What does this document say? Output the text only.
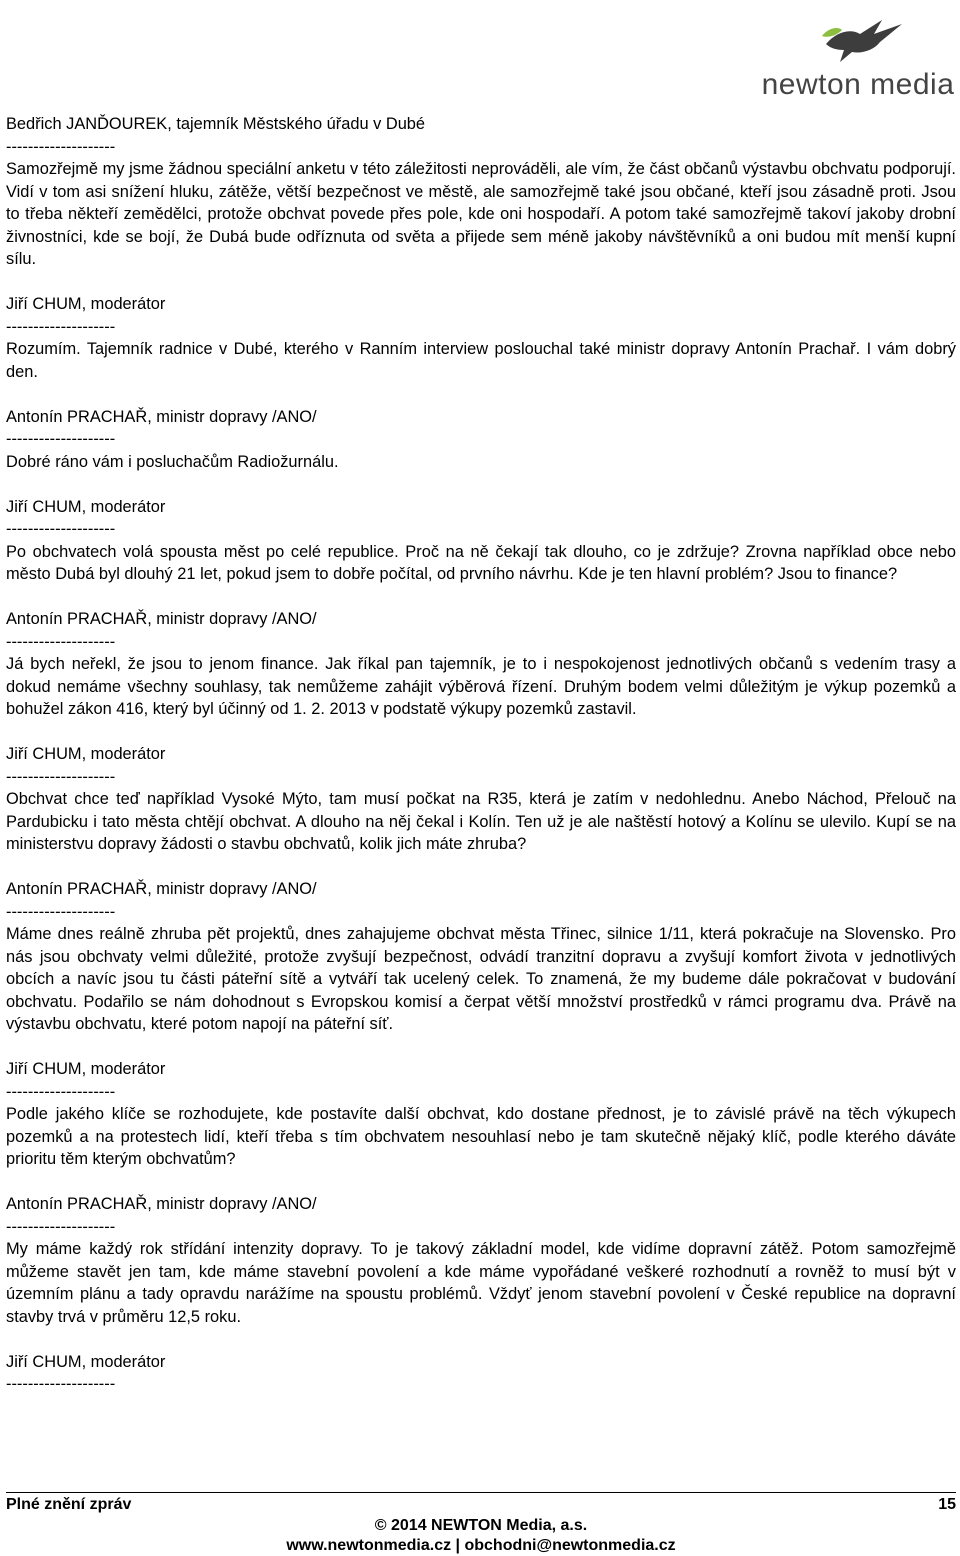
newton media
Bedřich JANĎOUREK, tajemník Městského úřadu v Dubé
--------------------
Samozřejmě my jsme žádnou speciální anketu v této záležitosti neprováděli, ale vím, že část občanů výstavbu obchvatu podporují. Vidí v tom asi snížení hluku, zátěže, větší bezpečnost ve městě, ale samozřejmě také jsou občané, kteří jsou zásadně proti. Jsou to třeba někteří zemědělci, protože obchvat povede přes pole, kde oni hospodaří. A potom také samozřejmě takoví jakoby drobní živnostníci, kde se bojí, že Dubá bude odříznuta od světa a přijede sem méně jakoby návštěvníků a oni budou mít menší kupní sílu.
Jiří CHUM, moderátor
--------------------
Rozumím. Tajemník radnice v Dubé, kterého v Ranním interview poslouchal také ministr dopravy Antonín Prachař. I vám dobrý den.
Antonín PRACHAŘ, ministr dopravy /ANO/
--------------------
Dobré ráno vám i posluchačům Radiožurnálu.
Jiří CHUM, moderátor
--------------------
Po obchvatech volá spousta měst po celé republice. Proč na ně čekají tak dlouho, co je zdržuje? Zrovna například obce nebo město Dubá byl dlouhý 21 let, pokud jsem to dobře počítal, od prvního návrhu. Kde je ten hlavní problém? Jsou to finance?
Antonín PRACHAŘ, ministr dopravy /ANO/
--------------------
Já bych neřekl, že jsou to jenom finance. Jak říkal pan tajemník, je to i nespokojenost jednotlivých občanů s vedením trasy a dokud nemáme všechny souhlasy, tak nemůžeme zahájit výběrová řízení. Druhým bodem velmi důležitým je výkup pozemků a bohužel zákon 416, který byl účinný od 1. 2. 2013 v podstatě výkupy pozemků zastavil.
Jiří CHUM, moderátor
--------------------
Obchvat chce teď například Vysoké Mýto, tam musí počkat na R35, která je zatím v nedohlednu. Anebo Náchod, Přelouč na Pardubicku i tato města chtějí obchvat. A dlouho na něj čekal i Kolín. Ten už je ale naštěstí hotový a Kolínu se ulevilo. Kupí se na ministerstvu dopravy žádosti o stavbu obchvatů, kolik jich máte zhruba?
Antonín PRACHAŘ, ministr dopravy /ANO/
--------------------
Máme dnes reálně zhruba pět projektů, dnes zahajujeme obchvat města Třinec, silnice 1/11, která pokračuje na Slovensko. Pro nás jsou obchvaty velmi důležité, protože zvyšují bezpečnost, odvádí tranzitní dopravu a zvyšují komfort života v jednotlivých obcích a navíc jsou tu části páteřní sítě a vytváří tak ucelený celek. To znamená, že my budeme dále pokračovat v budování obchvatu. Podařilo se nám dohodnout s Evropskou komisí a čerpat větší množství prostředků v rámci programu dva. Právě na výstavbu obchvatu, které potom napojí na páteřní síť.
Jiří CHUM, moderátor
--------------------
Podle jakého klíče se rozhodujete, kde postavíte další obchvat, kdo dostane přednost, je to závislé právě na těch výkupech pozemků a na protestech lidí, kteří třeba s tím obchvatem nesouhlasí nebo je tam skutečně nějaký klíč, podle kterého dáváte prioritu těm kterým obchvatům?
Antonín PRACHAŘ, ministr dopravy /ANO/
--------------------
My máme každý rok střídání intenzity dopravy. To je takový základní model, kde vidíme dopravní zátěž. Potom samozřejmě můžeme stavět jen tam, kde máme stavební povolení a kde máme vypořádané veškeré rozhodnutí a rovněž to musí být v územním plánu a tady opravdu narážíme na spoustu problémů. Vždyť jenom stavební povolení v České republice na dopravní stavby trvá v průměru 12,5 roku.
Jiří CHUM, moderátor
--------------------
Plné znění zpráv	15
© 2014 NEWTON Media, a.s.
www.newtonmedia.cz | obchodni@newtonmedia.cz
